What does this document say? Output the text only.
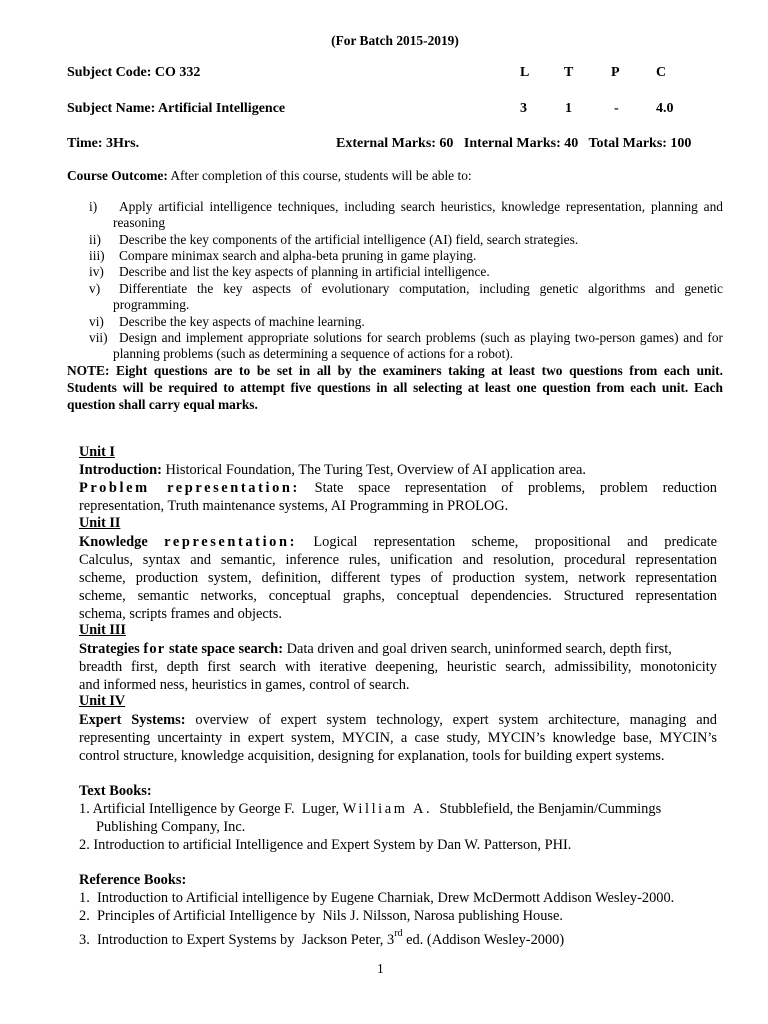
(For Batch 2015-2019)
Subject Code: CO 332	L T	P	C
Subject Name: Artificial Intelligence	3	1	-	4.0
Time: 3Hrs.	External Marks: 60   Internal Marks: 40   Total Marks: 100
Course Outcome: After completion of this course, students will be able to:
i) Apply artificial intelligence techniques, including search heuristics, knowledge representation, planning and
reasoning
ii) Describe the key components of the artificial intelligence (AI) field, search strategies.
iii) Compare minimax search and alpha-beta pruning in game playing.
iv) Describe and list the key aspects of planning in artificial intelligence.
v) Differentiate the key aspects of evolutionary computation, including genetic algorithms and genetic
programming.
vi) Describe the key aspects of machine learning.
vii) Design and implement appropriate solutions for search problems (such as playing two-person games) and for
planning problems (such as determining a sequence of actions for a robot).
NOTE: Eight questions are to be set in all by the examiners taking at least two questions from each unit.
Students will be required to attempt five questions in all selecting at least one question from each unit. Each
question shall carry equal marks.
Unit I
Introduction: Historical Foundation, The Turing Test, Overview of AI application area.
Problem representation: State space representation of problems, problem reduction
representation, Truth maintenance systems, AI Programming in PROLOG.
Unit II
Knowledge representation: Logical representation scheme, propositional and predicate
Calculus, syntax and semantic, inference rules, unification and resolution, procedural representation
scheme, production system, definition, different types of production system, network representation
scheme, semantic networks, conceptual graphs, conceptual dependencies. Structured representation
schema, scripts frames and objects.
Unit III
Strategies for state space search: Data driven and goal driven search, uninformed search, depth first,
breadth first, depth first search with iterative deepening, heuristic search, admissibility, monotonicity
and informed ness, heuristics in games, control of search.
Unit IV
Expert Systems: overview of expert system technology, expert system architecture, managing and
representing uncertainty in expert system, MYCIN, a case study, MYCIN’s knowledge base, MYCIN’s
control structure, knowledge acquisition, designing for explanation, tools for building expert systems.
Text Books:
1. Artificial Intelligence by George F.  Luger, William A.  Stubblefield, the Benjamin/Cummings
Publishing Company, Inc.
2. Introduction to artificial Intelligence and Expert System by Dan W. Patterson, PHI.
Reference Books:
1.  Introduction to Artificial intelligence by Eugene Charniak, Drew McDermott Addison Wesley-2000.
2.  Principles of Artificial Intelligence by  Nils J. Nilsson, Narosa publishing House.
3.  Introduction to Expert Systems by  Jackson Peter, 3rd ed. (Addison Wesley-2000)
1
